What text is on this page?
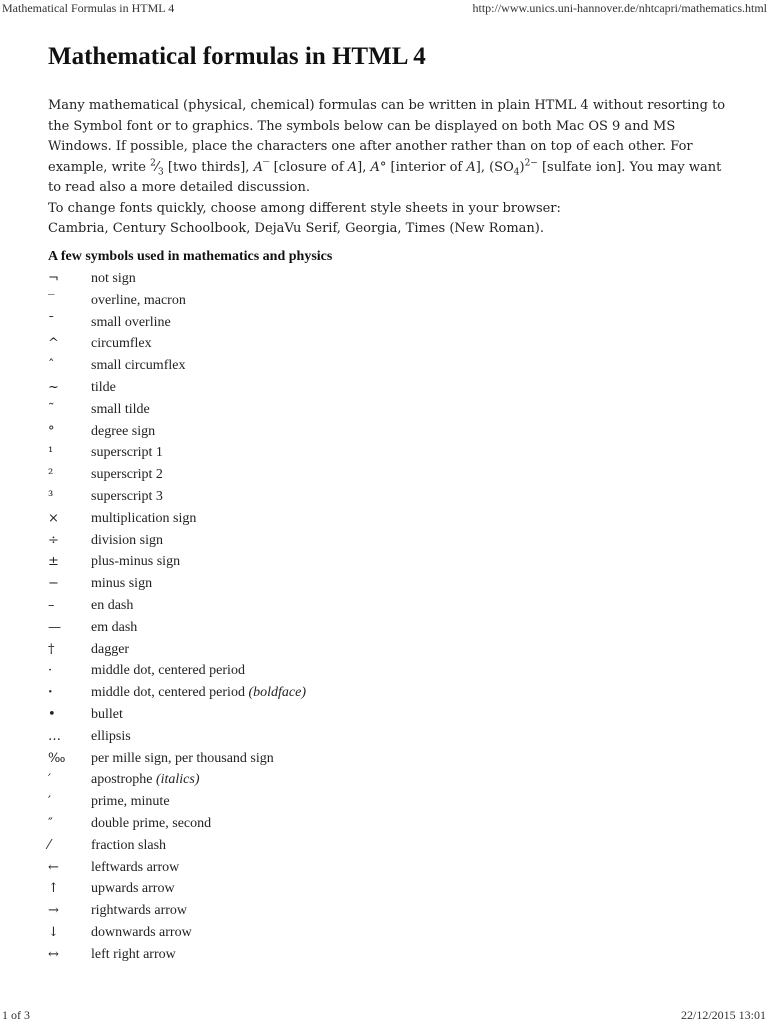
Mathematical Formulas in HTML 4	http://www.unics.uni-hannover.de/nhtcapri/mathematics.html
Mathematical formulas in HTML 4
Many mathematical (physical, chemical) formulas can be written in plain HTML 4 without resorting to the Symbol font or to graphics. The symbols below can be displayed on both Mac OS 9 and MS Windows. If possible, place the characters one after another rather than on top of each other. For example, write $^2⁄_3$ [two thirds], A‾ [closure of A], A° [interior of A], $(SO_4)^{2-}$ [sulfate ion]. You may want to read also a more detailed discussion.
To change fonts quickly, choose among different style sheets in your browser:
Cambria, Century Schoolbook, DejaVu Serif, Georgia, Times (New Roman).
A few symbols used in mathematics and physics
¬	not sign
‾	overline, macron
¯	small overline
^	circumflex
ˆ	small circumflex
~	tilde
˜	small tilde
°	degree sign
¹	superscript 1
²	superscript 2
³	superscript 3
×	multiplication sign
÷	division sign
±	plus-minus sign
−	minus sign
–	en dash
—	em dash
†	dagger
·	middle dot, centered period
·	middle dot, centered period (boldface)
•	bullet
…	ellipsis
‰	per mille sign, per thousand sign
′	apostrophe (italics)
′	prime, minute
″	double prime, second
⁄	fraction slash
←	leftwards arrow
↑	upwards arrow
→	rightwards arrow
↓	downwards arrow
↔	left right arrow
1 of 3	22/12/2015 13:01
